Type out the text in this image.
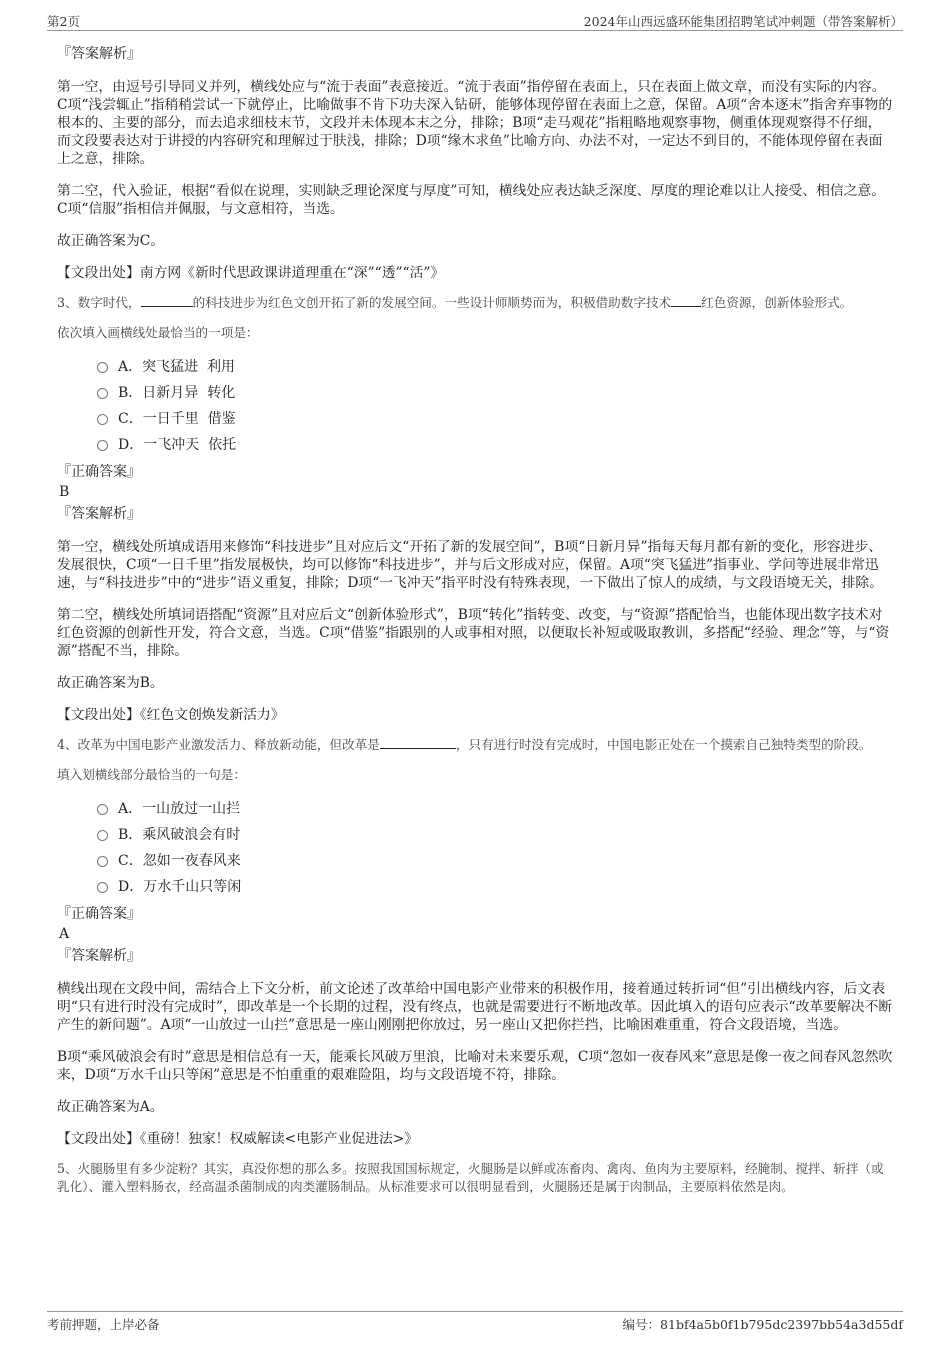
第2页	2024年山西远盛环能集团招聘笔试冲刺题（带答案解析）
『答案解析』

第一空，由逗号引导同义并列，横线处应与“流于表面”表意接近。“流于表面”指停留在表面上，只在表面上做文章，而没有实际的内容。C项“浅尝辄止”指稍稍尝试一下就停止，比喻做事不肯下功夫深入钻研，能够体现停留在表面上之意，保留。A项“舍本逐末”指舍弃事物的根本的、主要的部分，而去追求细枝末节，文段并未体现本末之分，排除；B项“走马观花”指粗略地观察事物，侧重体现观察得不仔细，而文段要表达对于讲授的内容研究和理解过于肤浅，排除；D项“缘木求鱼”比喻方向、办法不对，一定达不到目的，不能体现停留在表面上之意，排除。

第二空，代入验证，根据“看似在说理，实则缺乏理论深度与厚度”可知，横线处应表达缺乏深度、厚度的理论难以让人接受、相信之意。C项“信服”指相信并佩服，与文意相符，当选。

故正确答案为C。

【文段出处】南方网《新时代思政课讲道理重在“深”“透”“活”》

3、数字时代，	的科技进步为红色文创开拓了新的发展空间。一些设计师顺势而为，积极借助数字技术 红色资源，创新体验形式。

依次填入画横线处最恰当的一项是：

A．突飞猛进  利用
B．日新月异  转化
C．一日千里  借鉴
D．一飞冲天  依托
『正确答案』
B
『答案解析』

第一空，横线处所填成语用来修饰“科技进步”且对应后文“开拓了新的发展空间”，B项“日新月异”指每天每月都有新的变化，形容进步、发展很快，C项“一日千里”指发展极快，均可以修饰“科技进步”，并与后文形成对应，保留。A项“突飞猛进”指事业、学问等进展非常迅速，与“科技进步”中的“进步”语义重复，排除；D项“一飞冲天”指平时没有特殊表现，一下做出了惊人的成绩，与文段语境无关，排除。

第二空，横线处所填词语搭配“资源”且对应后文“创新体验形式”，B项“转化”指转变、改变，与“资源”搭配恰当，也能体现出数字技术对红色资源的创新性开发，符合文意，当选。C项“借鉴”指跟别的人或事相对照，以便取长补短或吸取教训，多搭配“经验、理念”等，与“资源”搭配不当，排除。

故正确答案为B。

【文段出处】《红色文创焕发新活力》

4、改革为中国电影产业激发活力、释放新动能，但改革是	，只有进行时没有完成时，中国电影正处在一个摸索自己独特类型的阶段。

填入划横线部分最恰当的一句是：

A．一山放过一山拦
B．乘风破浪会有时
C．忽如一夜春风来
D．万水千山只等闲
『正确答案』
A
『答案解析』

横线出现在文段中间，需结合上下文分析，前文论述了改革给中国电影产业带来的积极作用，接着通过转折词“但”引出横线内容，后文表明“只有进行时没有完成时”，即改革是一个长期的过程，没有终点，也就是需要进行不断地改革。因此填入的语句应表示“改革要解决不断产生的新问题”。A项“一山放过一山拦”意思是一座山刚刚把你放过，另一座山又把你拦挡，比喻困难重重，符合文段语境，当选。

B项“乘风破浪会有时”意思是相信总有一天，能乘长风破万里浪，比喻对未来要乐观，C项“忽如一夜春风来”意思是像一夜之间春风忽然吹来，D项“万水千山只等闲”意思是不怕重重的艰难险阻，均与文段语境不符，排除。

故正确答案为A。

【文段出处】《重磅！独家！权威解读<电影产业促进法>》

5、火腿肠里有多少淀粉？其实，真没你想的那么多。按照我国国标规定，火腿肠是以鲜或冻畜肉、禽肉、鱼肉为主要原料，经腌制、搅拌、斩拌（或乳化）、灌入塑料肠衣，经高温杀菌制成的肉类灌肠制品。从标准要求可以很明显看到，火腿肠还是属于肉制品，主要原料依然是肉。

考前押题，上岸必备	编号：81bf4a5b0f1b795dc2397bb54a3d55df
